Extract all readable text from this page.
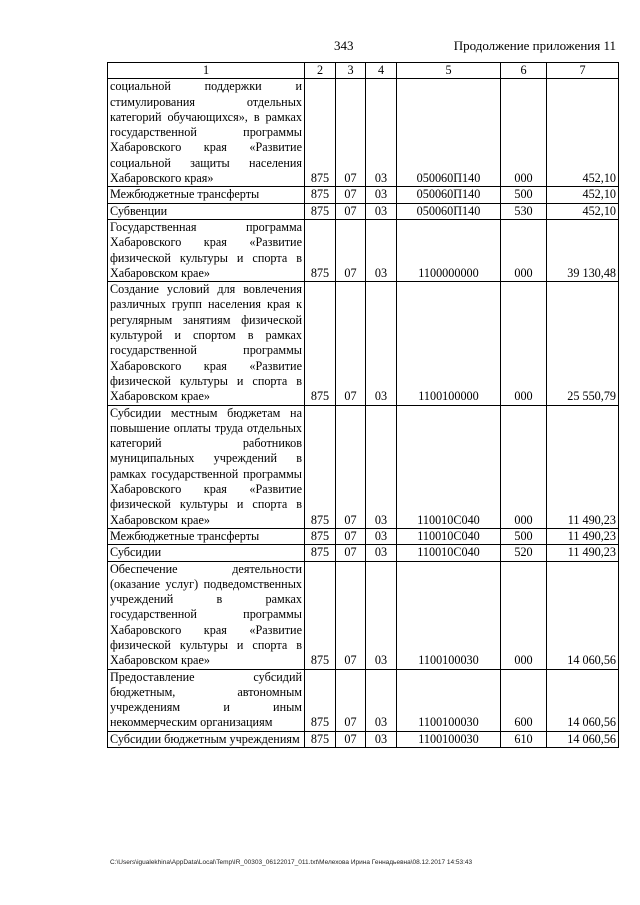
343	Продолжение приложения 11
1	2	3	4	5	6	7
социальной поддержки и стимулирования отдельных категорий обучающихся», в рамках государственной программы Хабаровского края «Развитие социальной защиты населения Хабаровского края»	875	07	03	050060П140	000	452,10
Межбюджетные трансферты	875	07	03	050060П140	500	452,10
Субвенции	875	07	03	050060П140	530	452,10
Государственная программа Хабаровского края «Развитие физической культуры и спорта в Хабаровском крае»	875	07	03	1100000000	000	39 130,48
Создание условий для вовлечения различных групп населения края к регулярным занятиям физической культурой и спортом в рамках государственной программы Хабаровского края «Развитие физической культуры и спорта в Хабаровском крае»	875	07	03	1100100000	000	25 550,79
Субсидии местным бюджетам на повышение оплаты труда отдельных категорий работников муниципальных учреждений в рамках государственной программы Хабаровского края «Развитие физической культуры и спорта в Хабаровском крае»	875	07	03	110010С040	000	11 490,23
Межбюджетные трансферты	875	07	03	110010С040	500	11 490,23
Субсидии	875	07	03	110010С040	520	11 490,23
Обеспечение деятельности (оказание услуг) подведомственных учреждений в рамках государственной программы Хабаровского края «Развитие физической культуры и спорта в Хабаровском крае»	875	07	03	1100100030	000	14 060,56
Предоставление субсидий бюджетным, автономным учреждениям и иным некоммерческим организациям	875	07	03	1100100030	600	14 060,56
Субсидии бюджетным учреждениям	875	07	03	1100100030	610	14 060,56
C:\Users\igualekhina\AppData\Local\Temp\IR_00303_06122017_011.txt\Мелехова Ирина Геннадьевна\08.12.2017 14:53:43
